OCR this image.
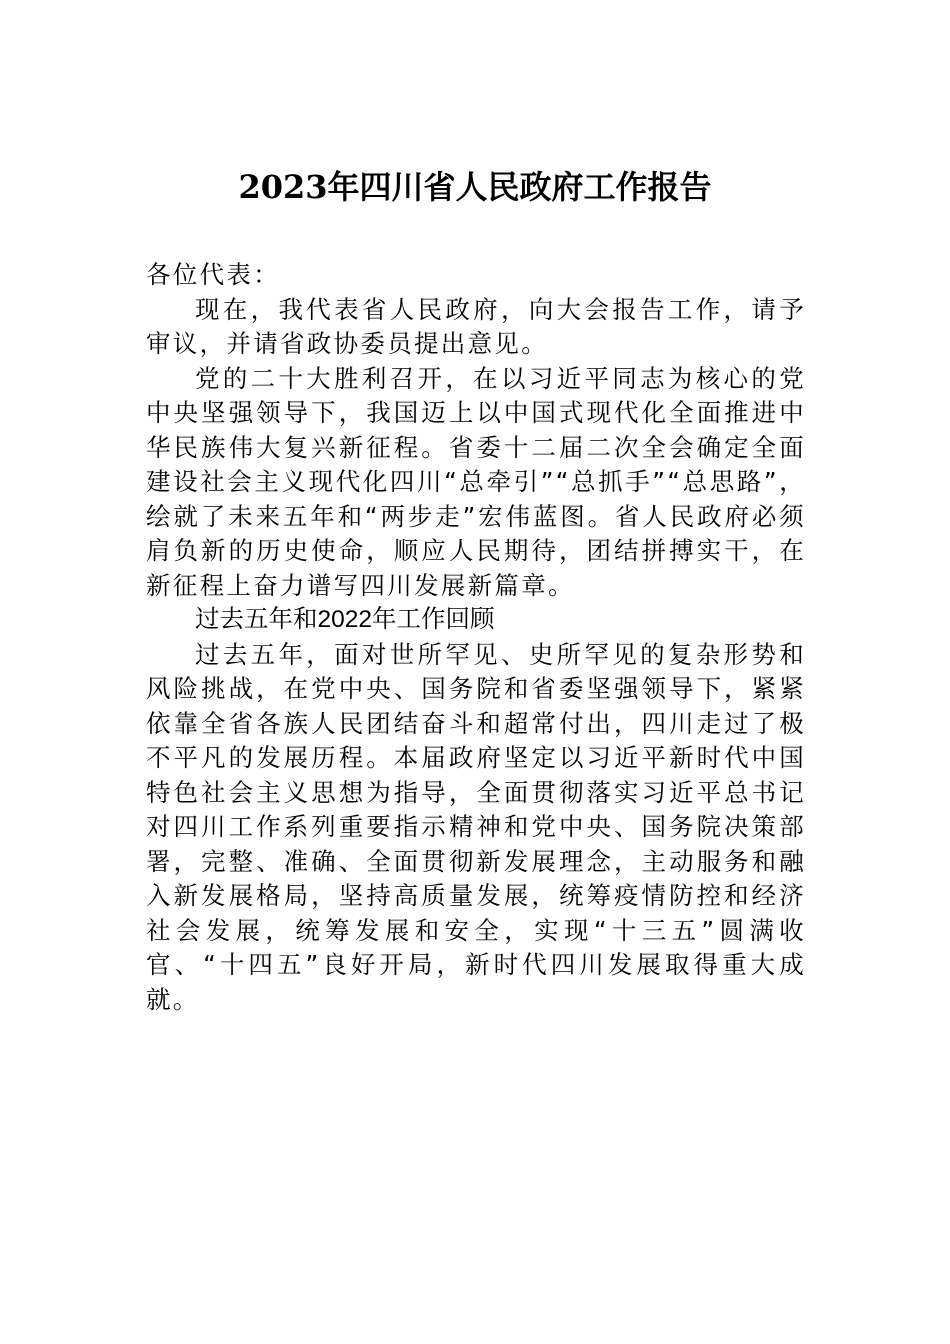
2023年四川省人民政府工作报告

各位代表：

现在，我代表省人民政府，向大会报告工作，请予审议，并请省政协委员提出意见。

党的二十大胜利召开，在以习近平同志为核心的党中央坚强领导下，我国迈上以中国式现代化全面推进中华民族伟大复兴新征程。省委十二届二次全会确定全面建设社会主义现代化四川“总牵引”“总抓手”“总思路”，绘就了未来五年和“两步走”宏伟蓝图。省人民政府必须肩负新的历史使命，顺应人民期待，团结拼搏实干，在新征程上奋力谱写四川发展新篇章。

过去五年和2022年工作回顾

过去五年，面对世所罕见、史所罕见的复杂形势和风险挑战，在党中央、国务院和省委坚强领导下，紧紧依靠全省各族人民团结奋斗和超常付出，四川走过了极不平凡的发展历程。本届政府坚定以习近平新时代中国特色社会主义思想为指导，全面贯彻落实习近平总书记对四川工作系列重要指示精神和党中央、国务院决策部署，完整、准确、全面贯彻新发展理念，主动服务和融入新发展格局，坚持高质量发展，统筹疫情防控和经济社会发展，统筹发展和安全，实现“十三五”圆满收官、“十四五”良好开局，新时代四川发展取得重大成就。
